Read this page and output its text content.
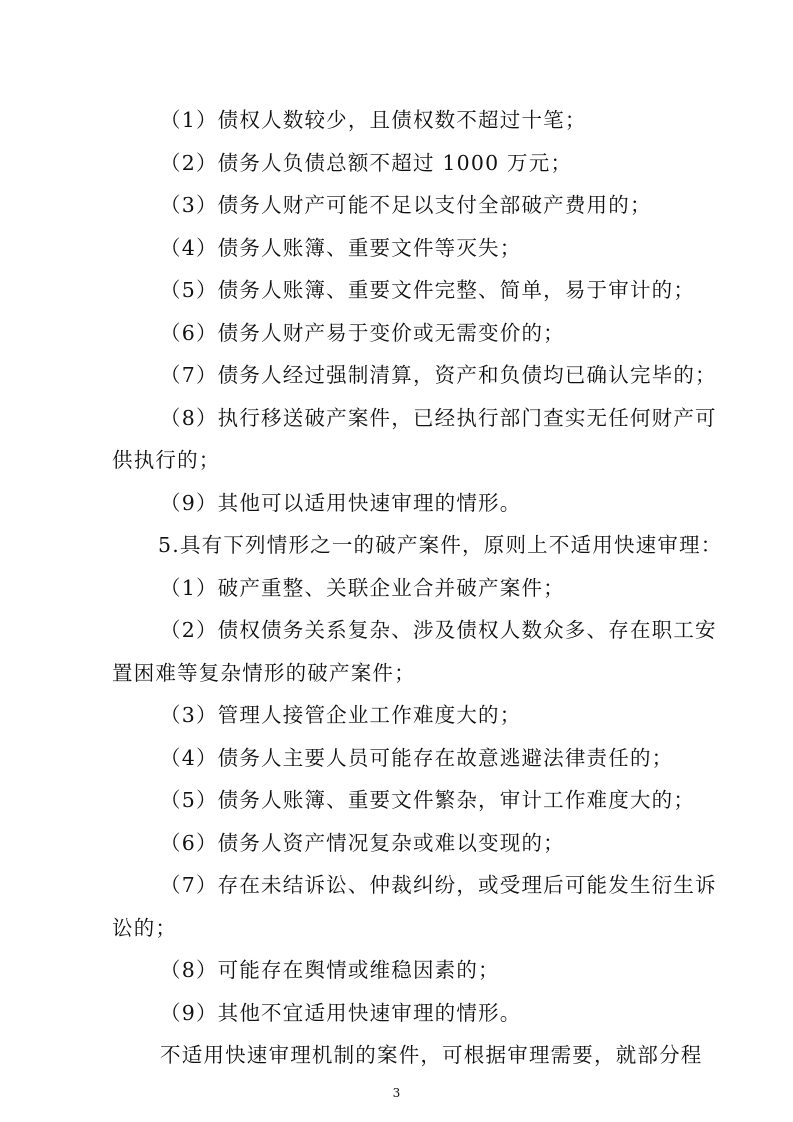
（1）债权人数较少，且债权数不超过十笔；
（2）债务人负债总额不超过 1000 万元；
（3）债务人财产可能不足以支付全部破产费用的；
（4）债务人账簿、重要文件等灭失；
（5）债务人账簿、重要文件完整、简单，易于审计的；
（6）债务人财产易于变价或无需变价的；
（7）债务人经过强制清算，资产和负债均已确认完毕的；
（8）执行移送破产案件，已经执行部门查实无任何财产可
供执行的；
（9）其他可以适用快速审理的情形。
5.具有下列情形之一的破产案件，原则上不适用快速审理：
（1）破产重整、关联企业合并破产案件；
（2）债权债务关系复杂、涉及债权人数众多、存在职工安
置困难等复杂情形的破产案件；
（3）管理人接管企业工作难度大的；
（4）债务人主要人员可能存在故意逃避法律责任的；
（5）债务人账簿、重要文件繁杂，审计工作难度大的；
（6）债务人资产情况复杂或难以变现的；
（7）存在未结诉讼、仲裁纠纷，或受理后可能发生衍生诉
讼的；
（8）可能存在舆情或维稳因素的；
（9）其他不宜适用快速审理的情形。
不适用快速审理机制的案件，可根据审理需要，就部分程
3
